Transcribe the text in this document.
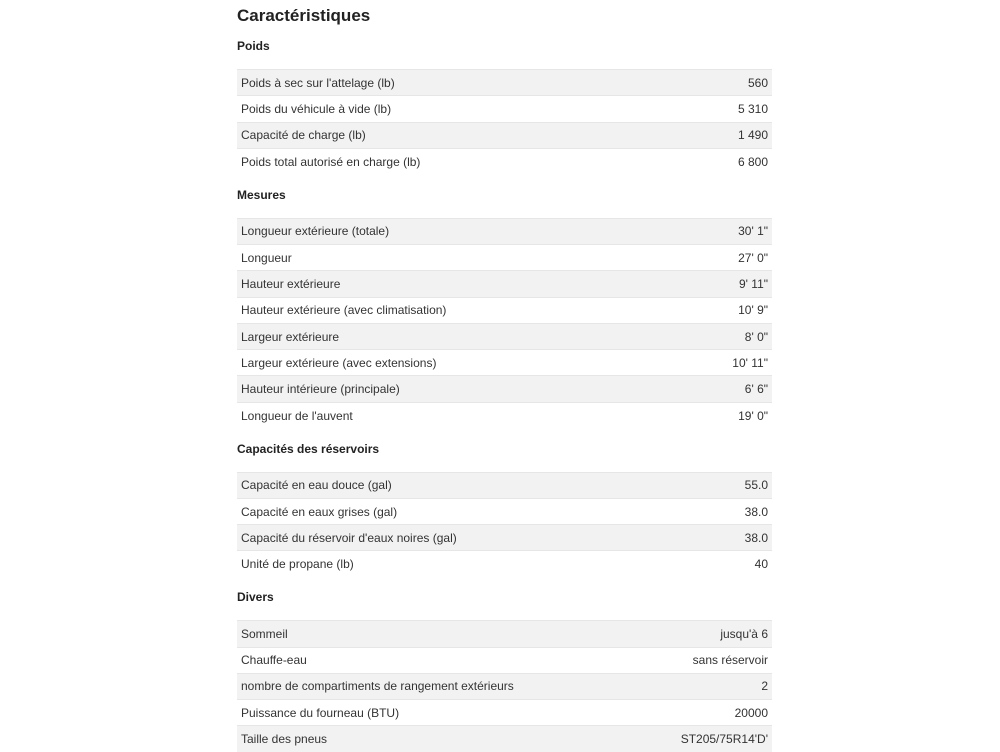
Caractéristiques
Poids
Poids à sec sur l'attelage (lb)	560
Poids du véhicule à vide (lb)	5 310
Capacité de charge (lb)	1 490
Poids total autorisé en charge (lb)	6 800
Mesures
Longueur extérieure (totale)	30' 1"
Longueur	27' 0"
Hauteur extérieure	9' 11"
Hauteur extérieure (avec climatisation)	10' 9"
Largeur extérieure	8' 0"
Largeur extérieure (avec extensions)	10' 11"
Hauteur intérieure (principale)	6' 6"
Longueur de l'auvent	19' 0"
Capacités des réservoirs
Capacité en eau douce (gal)	55.0
Capacité en eaux grises (gal)	38.0
Capacité du réservoir d'eaux noires (gal)	38.0
Unité de propane (lb)	40
Divers
Sommeil	jusqu'à 6
Chauffe-eau	sans réservoir
nombre de compartiments de rangement extérieurs	2
Puissance du fourneau (BTU)	20000
Taille des pneus	ST205/75R14'D'
